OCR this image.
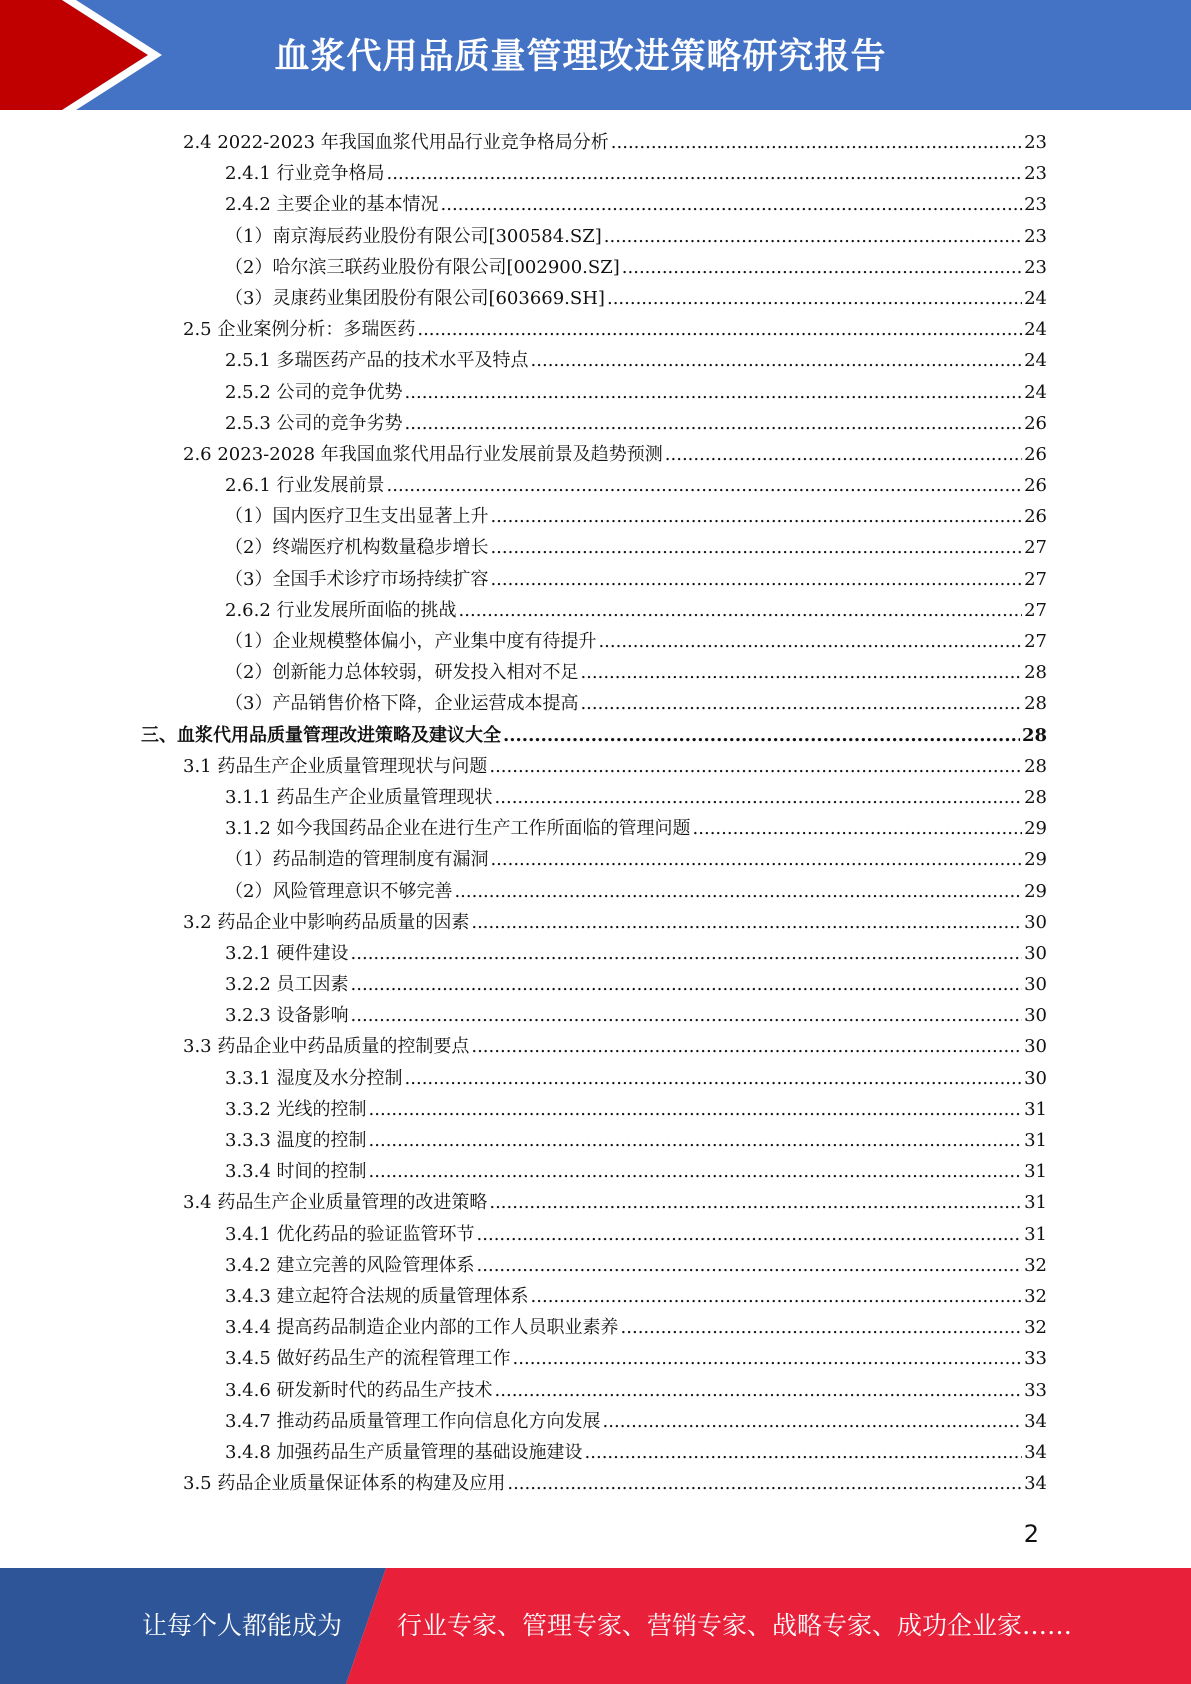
血浆代用品质量管理改进策略研究报告
2.4 2022-2023 年我国血浆代用品行业竞争格局分析 .....	23
2.4.1 行业竞争格局 .....	23
2.4.2 主要企业的基本情况 .....	23
（1）南京海辰药业股份有限公司[300584.SZ] .....	23
（2）哈尔滨三联药业股份有限公司[002900.SZ] .....	23
（3）灵康药业集团股份有限公司[603669.SH] .....	24
2.5 企业案例分析：多瑞医药 .....	24
2.5.1 多瑞医药产品的技术水平及特点 .....	24
2.5.2 公司的竞争优势 .....	24
2.5.3 公司的竞争劣势 .....	26
2.6 2023-2028 年我国血浆代用品行业发展前景及趋势预测 .....	26
2.6.1 行业发展前景 .....	26
（1）国内医疗卫生支出显著上升 .....	26
（2）终端医疗机构数量稳步增长 .....	27
（3）全国手术诊疗市场持续扩容 .....	27
2.6.2 行业发展所面临的挑战 .....	27
（1）企业规模整体偏小，产业集中度有待提升 .....	27
（2）创新能力总体较弱，研发投入相对不足 .....	28
（3）产品销售价格下降，企业运营成本提高 .....	28
三、血浆代用品质量管理改进策略及建议大全 .....	28
3.1 药品生产企业质量管理现状与问题 .....	28
3.1.1 药品生产企业质量管理现状 .....	28
3.1.2 如今我国药品企业在进行生产工作所面临的管理问题 .....	29
（1）药品制造的管理制度有漏洞 .....	29
（2）风险管理意识不够完善 .....	29
3.2 药品企业中影响药品质量的因素 .....	30
3.2.1 硬件建设 .....	30
3.2.2 员工因素 .....	30
3.2.3 设备影响 .....	30
3.3 药品企业中药品质量的控制要点 .....	30
3.3.1 湿度及水分控制 .....	30
3.3.2 光线的控制 .....	31
3.3.3 温度的控制 .....	31
3.3.4 时间的控制 .....	31
3.4 药品生产企业质量管理的改进策略 .....	31
3.4.1 优化药品的验证监管环节 .....	31
3.4.2 建立完善的风险管理体系 .....	32
3.4.3 建立起符合法规的质量管理体系 .....	32
3.4.4 提高药品制造企业内部的工作人员职业素养 .....	32
3.4.5 做好药品生产的流程管理工作 .....	33
3.4.6 研发新时代的药品生产技术 .....	33
3.4.7 推动药品质量管理工作向信息化方向发展 .....	34
3.4.8 加强药品生产质量管理的基础设施建设 .....	34
3.5 药品企业质量保证体系的构建及应用 .....	34
2
让每个人都能成为 行业专家、管理专家、营销专家、战略专家、成功企业家……
